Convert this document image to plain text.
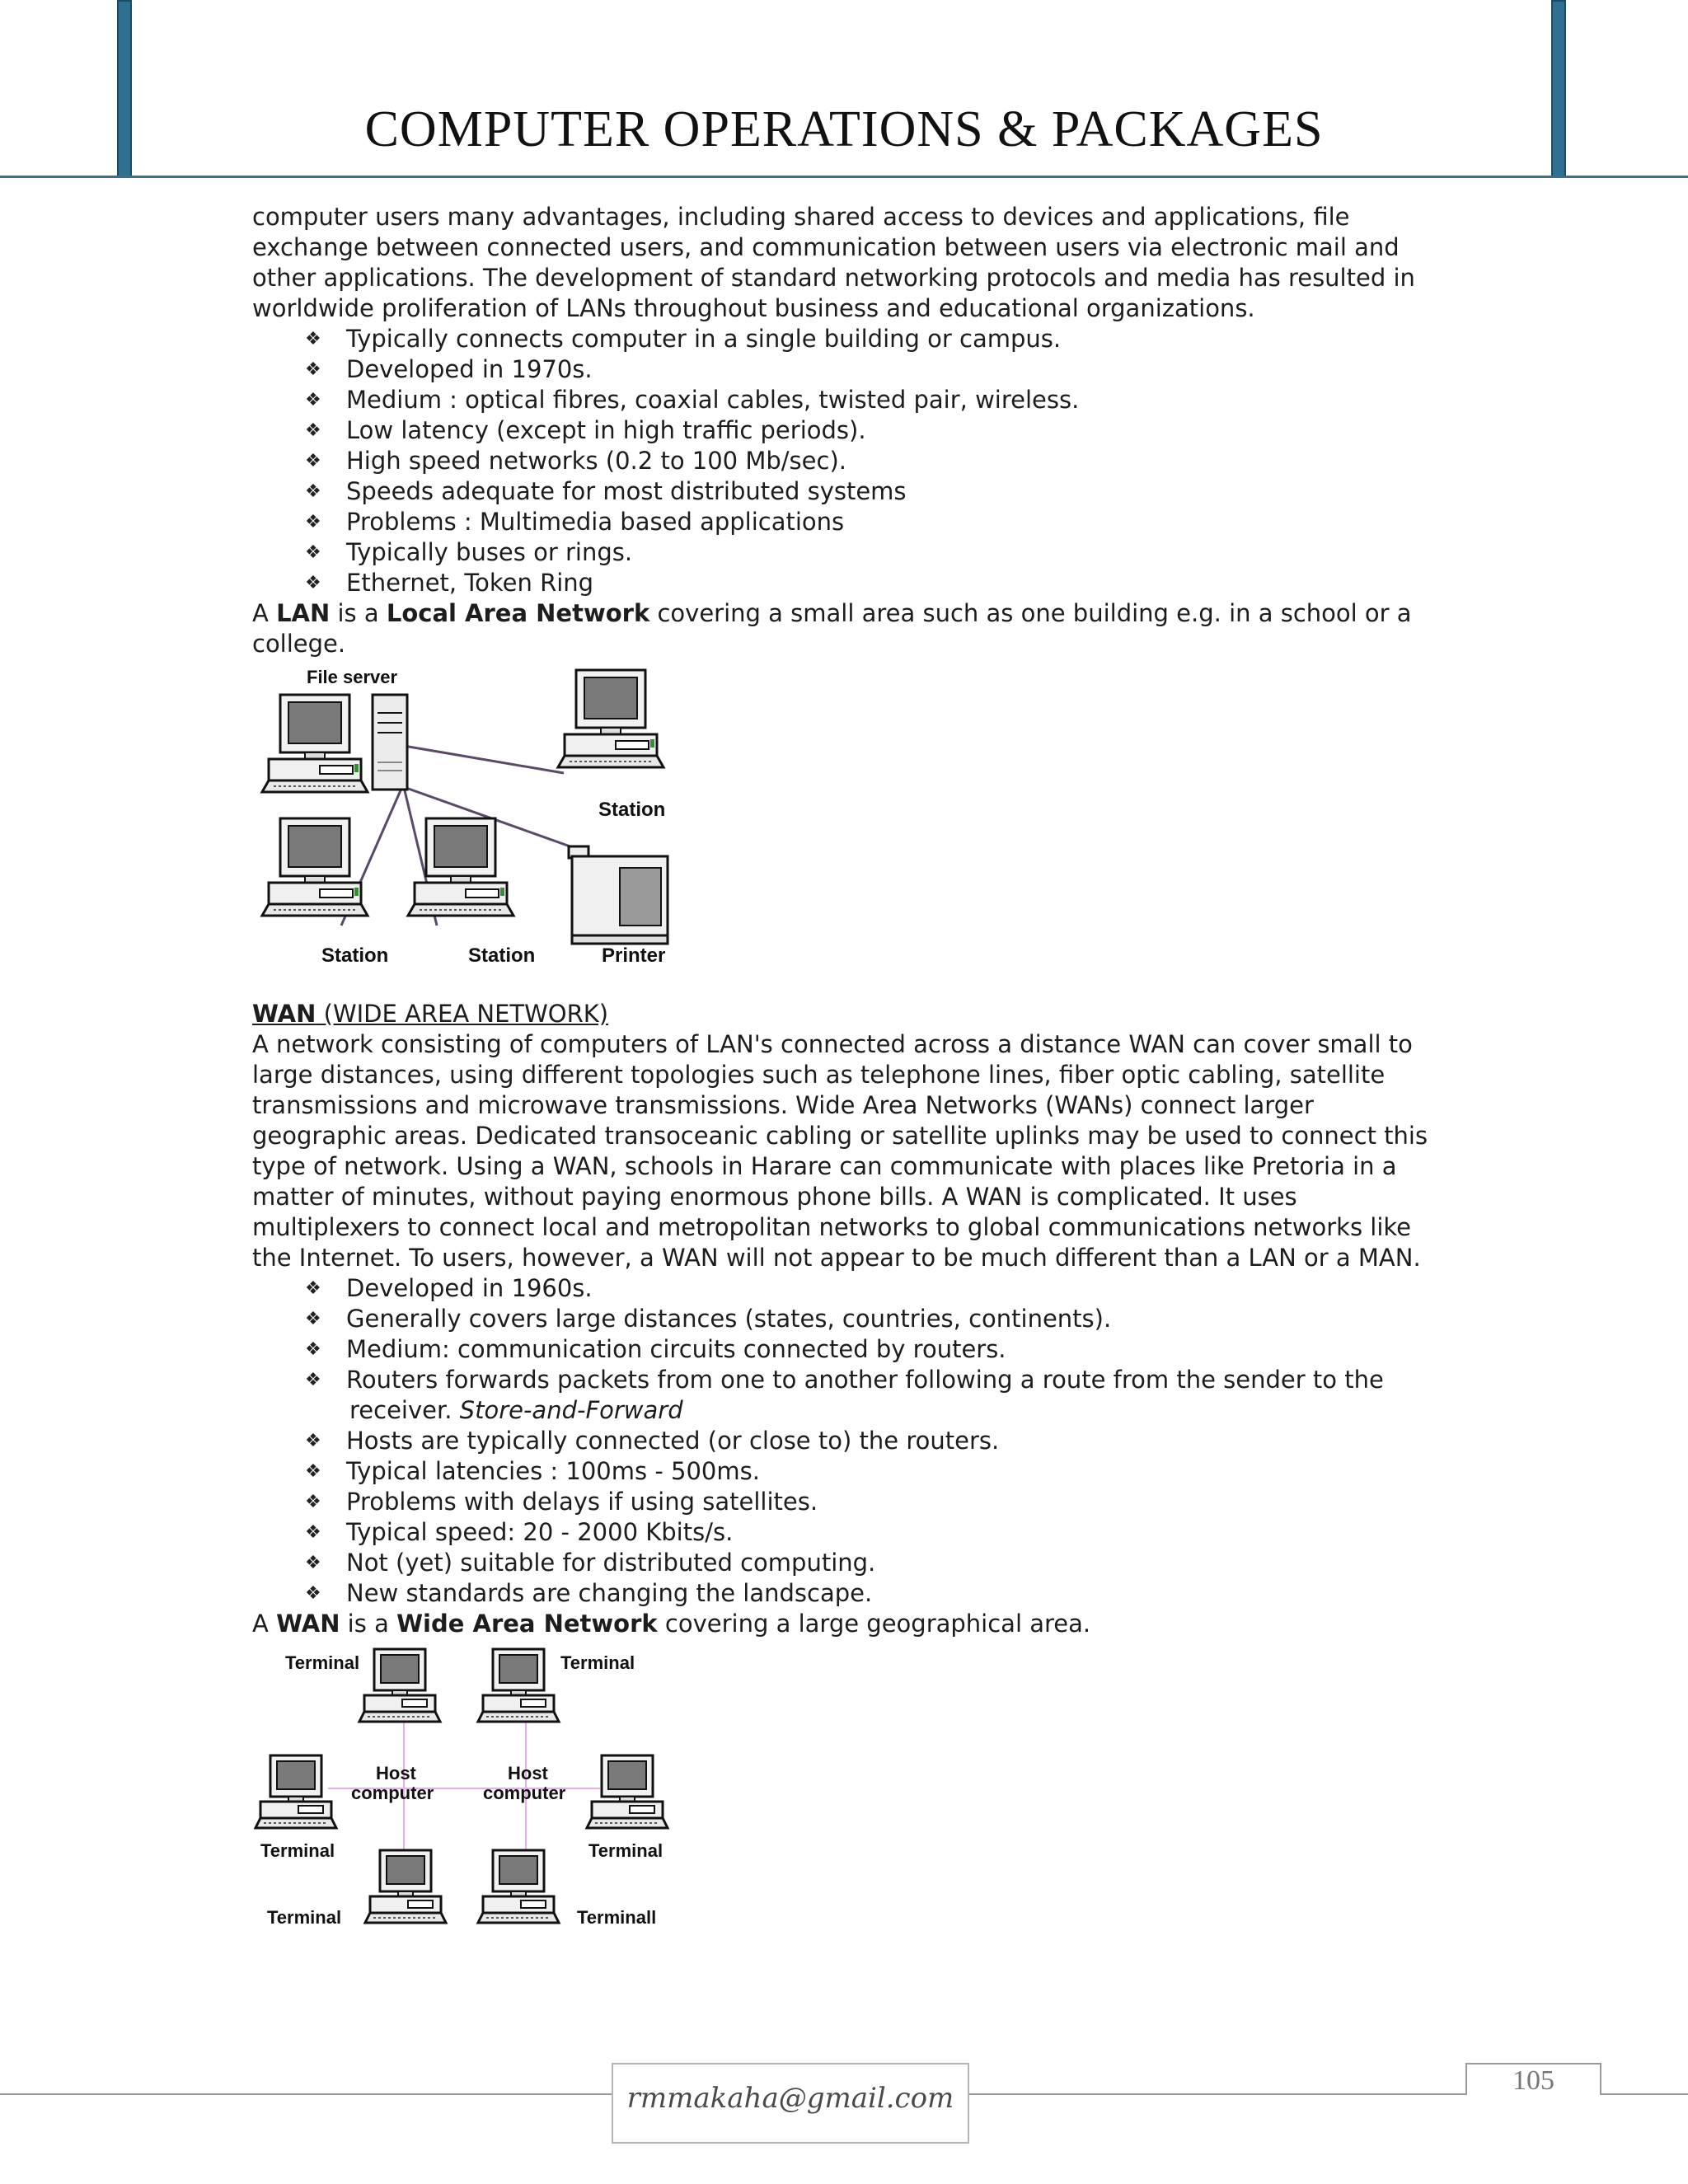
COMPUTER OPERATIONS & PACKAGES

computer users many advantages, including shared access to devices and applications, file exchange between connected users, and communication between users via electronic mail and other applications. The development of standard networking protocols and media has resulted in worldwide proliferation of LANs throughout business and educational organizations.

❖ Typically connects computer in a single building or campus.
❖ Developed in 1970s.
❖ Medium : optical fibres, coaxial cables, twisted pair, wireless.
❖ Low latency (except in high traffic periods).
❖ High speed networks (0.2 to 100 Mb/sec).
❖ Speeds adequate for most distributed systems
❖ Problems : Multimedia based applications
❖ Typically buses or rings.
❖ Ethernet, Token Ring

A LAN is a Local Area Network covering a small area such as one building e.g. in a school or a college.

File server
Station
Station	Station	Printer

WAN (WIDE AREA NETWORK)

A network consisting of computers of LAN's connected across a distance WAN can cover small to large distances, using different topologies such as telephone lines, fiber optic cabling, satellite transmissions and microwave transmissions. Wide Area Networks (WANs) connect larger geographic areas. Dedicated transoceanic cabling or satellite uplinks may be used to connect this type of network. Using a WAN, schools in Harare can communicate with places like Pretoria in a matter of minutes, without paying enormous phone bills. A WAN is complicated. It uses multiplexers to connect local and metropolitan networks to global communications networks like the Internet. To users, however, a WAN will not appear to be much different than a LAN or a MAN.

❖ Developed in 1960s.
❖ Generally covers large distances (states, countries, continents).
❖ Medium: communication circuits connected by routers.
❖ Routers forwards packets from one to another following a route from the sender to the
receiver. Store-and-Forward
❖ Hosts are typically connected (or close to) the routers.
❖ Typical latencies : 100ms - 500ms.
❖ Problems with delays if using satellites.
❖ Typical speed: 20 - 2000 Kbits/s.
❖ Not (yet) suitable for distributed computing.
❖ New standards are changing the landscape.

A WAN is a Wide Area Network covering a large geographical area.

Terminal	Terminal
Host
computer
Host
computer
Terminal	Terminal
Terminal	Terminall
rmmakaha@gmail.com
105
